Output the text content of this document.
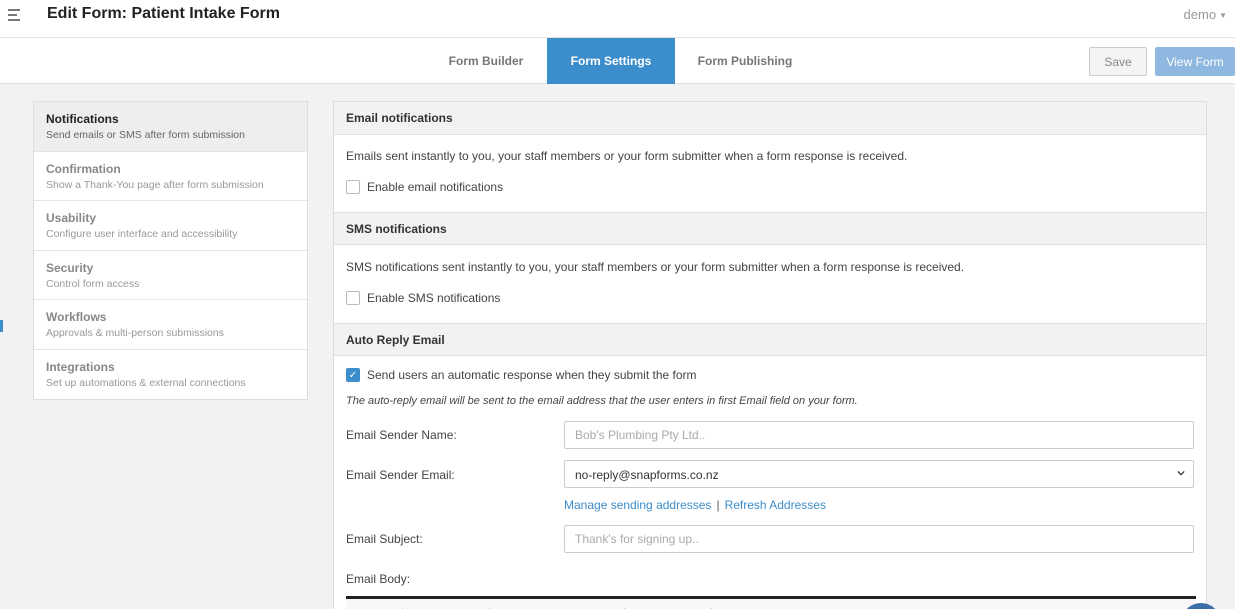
Edit Form: Patient Intake Form	demo ▼
Form Builder	Form Settings	Form Publishing	Save	View Form
Notifications
Send emails or SMS after form submission
Confirmation
Show a Thank-You page after form submission
Usability
Configure user interface and accessibility
Security
Control form access
Workflows
Approvals & multi-person submissions
Integrations
Set up automations & external connections
Email notifications
Emails sent instantly to you, your staff members or your form submitter when a form response is received.
Enable email notifications
SMS notifications
SMS notifications sent instantly to you, your staff members or your form submitter when a form response is received.
Enable SMS notifications
Auto Reply Email
✓ Send users an automatic response when they submit the form
The auto-reply email will be sent to the email address that the user enters in first Email field on your form.
Email Sender Name:
Bob's Plumbing Pty Ltd..
Email Sender Email:	no-reply@snapforms.co.nz
Manage sending addresses | Refresh Addresses
Email Subject:
Thank's for signing up..
Email Body:
